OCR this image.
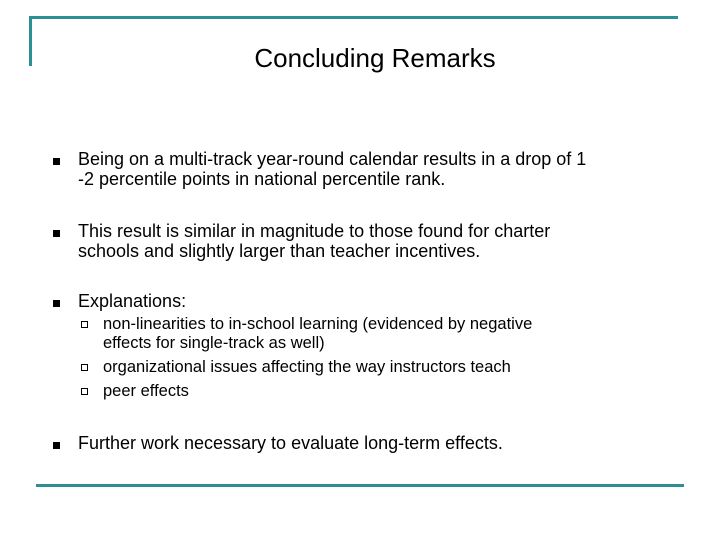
Concluding Remarks
Being on a multi-track year-round calendar results in a drop of 1
-2 percentile points in national percentile rank.
This result is similar in magnitude to those found for charter
schools and slightly larger than teacher incentives.
Explanations:
non-linearities to in-school learning (evidenced by negative
effects for single-track as well)
organizational issues affecting the way instructors teach
peer effects
Further work necessary to evaluate long-term effects.
